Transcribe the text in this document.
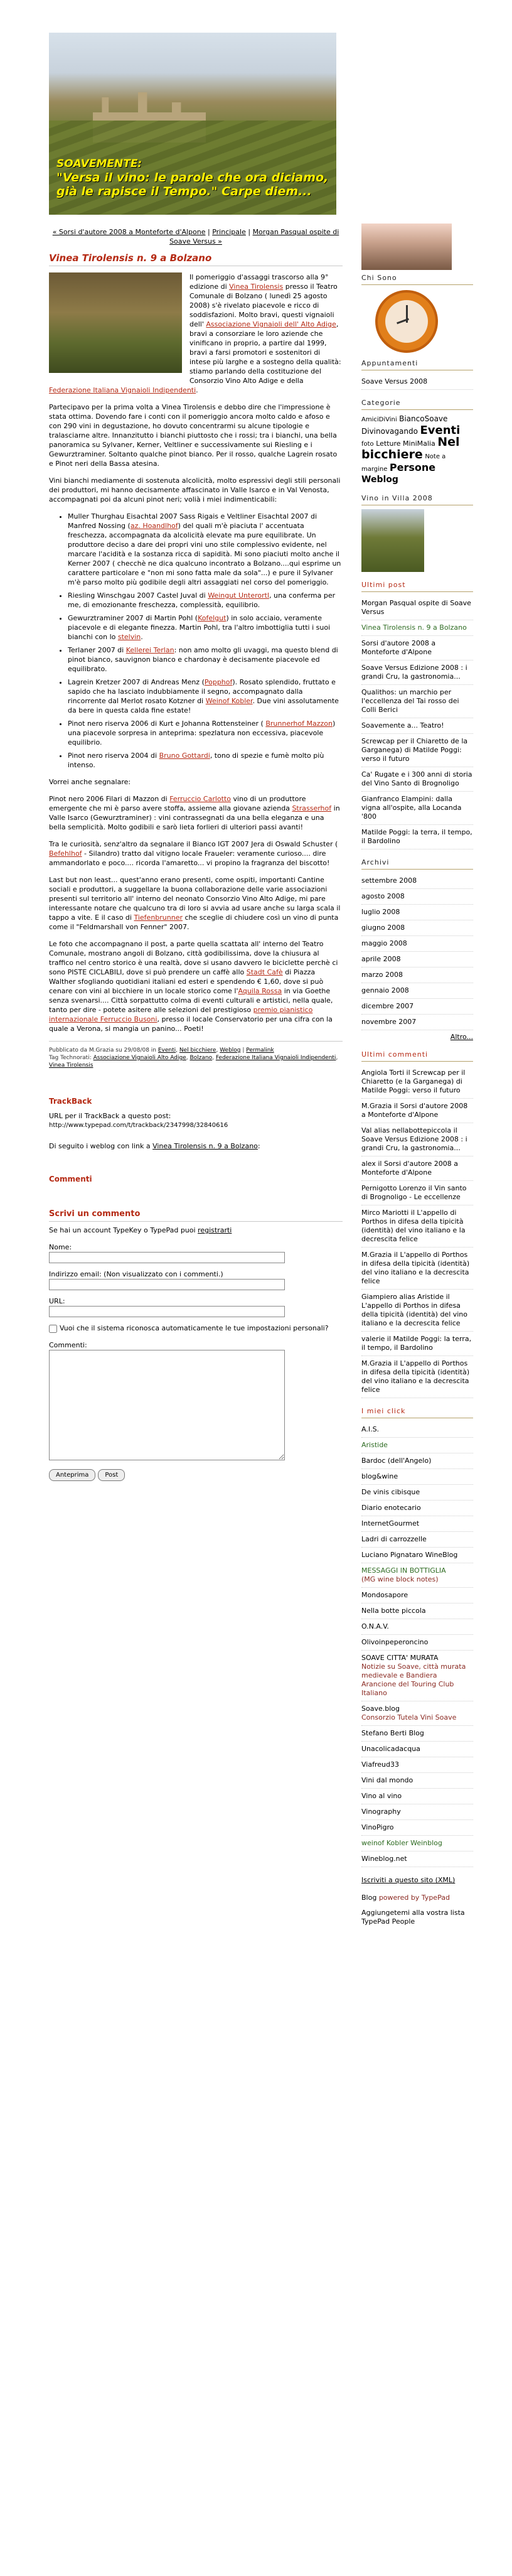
SOAVEMENTE:
"Versa il vino: le parole che ora diciamo,
già le rapisce il Tempo." Carpe diem...
« Sorsi d'autore 2008 a Monteforte d'Alpone | Principale | Morgan Pasqual ospite di Soave Versus »
Vinea Tirolensis n. 9 a Bolzano

Il pomeriggio d'assaggi trascorso alla 9° edizione di Vinea Tirolensis presso il Teatro Comunale di Bolzano ( lunedì 25 agosto 2008) s'è rivelato piacevole e ricco di soddisfazioni. Molto bravi, questi vignaioli dell' Associazione Vignaioli dell' Alto Adige, bravi a consorziare le loro aziende che vinificano in proprio, a partire dal 1999, bravi a farsi promotori e sostenitori di intese più larghe e a sostegno della qualità: stiamo parlando della costituzione del Consorzio Vino Alto Adige e della Federazione Italiana Vignaioli Indipendenti.

Partecipavo per la prima volta a Vinea Tirolensis e debbo dire che l'impressione è stata ottima. Dovendo fare i conti con il pomeriggio ancora molto caldo e afoso e con 290 vini in degustazione, ho dovuto concentrarmi su alcune tipologie e tralasciarne altre. Innanzitutto i bianchi piuttosto che i rossi; tra i bianchi, una bella panoramica su Sylvaner, Kerner, Veltliner e successivamente sui Riesling e i Gewurztraminer. Soltanto qualche pinot bianco. Per il rosso, qualche Lagrein rosato e Pinot neri della Bassa atesina.

Vini bianchi mediamente di sostenuta alcolicità, molto espressivi degli stili personali dei produttori, mi hanno decisamente affascinato in Valle Isarco e in Val Venosta, accompagnati poi da alcuni pinot neri; volià i miei indimenticabili:

• Muller Thurghau Eisachtal 2007 Sass Rigais e Veltliner Eisachtal 2007 di Manfred Nossing (az. Hoandlhof) del quali m'è piaciuta l' accentuata freschezza, accompagnata da alcolicità elevate ma pure equilibrate. Un produttore deciso a dare dei propri vini uno stile complessivo evidente, nel marcare l'acidità e la sostanza ricca di sapidità. Mi sono piaciuti molto anche il Kerner 2007 ( checchè ne dica qualcuno incontrato a Bolzano....qui esprime un carattere particolare e "non mi sono fatta male da sola"...) e pure il Sylvaner m'è parso molto più godibile degli altri assaggiati nel corso del pomeriggio.
• Riesling Winschgau 2007 Castel Juval di Weingut Unterortl, una conferma per me, di emozionante freschezza, complessità, equilibrio.
• Gewurztraminer 2007 di Martin Pohl (Kofelgut) in solo acciaio, veramente piacevole e di elegante finezza. Martin Pohl, tra l'altro imbottiglia tutti i suoi bianchi con lo stelvin.
• Terlaner 2007 di Kellerei Terlan: non amo molto gli uvaggi, ma questo blend di pinot bianco, sauvignon bianco e chardonay è decisamente piacevole ed equilibrato.
• Lagrein Kretzer 2007 di Andreas Menz (Popphof). Rosato splendido, fruttato e sapido che ha lasciato indubbiamente il segno, accompagnato dalla rincorrente dal Merlot rosato Kotzner di Weinof Kobler. Due vini assolutamente da bere in questa calda fine estate!
• Pinot nero riserva 2006 di Kurt e Johanna Rottensteiner ( Brunnerhof Mazzon) una piacevole sorpresa in anteprima: spezlatura non eccessiva, piacevole equilibrio.
• Pinot nero riserva 2004 di Bruno Gottardi, tono di spezie e fumè molto più intenso.

Vorrei anche segnalare:

Pinot nero 2006 Filari di Mazzon di Ferruccio Carlotto vino di un produttore emergente che mi è parso avere stoffa, assieme alla giovane azienda Strasserhof in Valle Isarco (Gewurztraminer) : vini contrassegnati da una bella eleganza e una bella semplicità. Molto godibili e sarò lieta forlieri di ulteriori passi avanti!

Tra le curiosità, senz'altro da segnalare il Bianco IGT 2007 Jera di Oswald Schuster ( Befehlhof - Silandro) tratto dal vitigno locale Fraueler: veramente curioso.... dire ammandorlato e poco.... ricorda l'amaretto... vi propino la fragranza del biscotto!

Last but non least... quest'anno erano presenti, come ospiti, importanti Cantine sociali e produttori, a suggellare la buona collaborazione delle varie associazioni presenti sul territorio all' interno del neonato Consorzio Vino Alto Adige, mi pare interessante notare che qualcuno tra di loro si avvia ad usare anche su larga scala il tappo a vite. E il caso di Tiefenbrunner che sceglie di chiudere così un vino di punta come il "Feldmarshall von Fenner" 2007.

Le foto che accompagnano il post, a parte quella scattata all' interno del Teatro Comunale, mostrano angoli di Bolzano, città godibilissima, dove la chiusura al traffico nel centro storico è una realtà, dove si usano davvero le biciclette perchè ci sono PISTE CICLABILI, dove si può prendere un caffè allo Stadt Cafè di Piazza Walther sfogliando quotidiani italiani ed esteri e spendendo € 1,60, dove si può cenare con vini al bicchiere in un locale storico come l'Aquila Rossa in via Goethe senza svenarsi.... Città sorpattutto colma di eventi culturali e artistici, nella quale, tanto per dire - potete asitere alle selezioni del prestigioso premio pianistico internazionale Ferruccio Busoni, presso il locale Conservatorio per una cifra con la quale a Verona, si mangia un panino... Poeti!

Pubblicato da M.Grazia su 29/08/08 in Eventi, Nel bicchiere, Weblog | Permalink
Tag Technorati: Associazione Vignaioli Alto Adige, Bolzano, Federazione Italiana Vignaioli Indipendenti, Vinea Tirolensis
TrackBack
URL per il TrackBack a questo post:
http://www.typepad.com/t/trackback/2347998/32840616
Di seguito i weblog con link a Vinea Tirolensis n. 9 a Bolzano:
Commenti
Scrivi un commento
Se hai un account TypeKey o TypePad puoi registrarti
Nome:
Indirizzo email: (Non visualizzato con i commenti.)
URL:
Vuoi che il sistema riconosca automaticamente le tue impostazioni personali?
Commenti:
Anteprima	Post
Chi Sono
Appuntamenti
Soave Versus 2008
Categorie
AmiciDiVini BiancoSoave Divinovagando Eventi foto Letture MiniMalia Nel bicchiere Note a margine Persone Weblog
Vino in Villa 2008
Ultimi post
Morgan Pasqual ospite di Soave Versus
Vinea Tirolensis n. 9 a Bolzano
Sorsi d'autore 2008 a Monteforte d'Alpone
Soave Versus Edizione 2008 : i grandi Cru, la gastronomia...
Qualithos: un marchio per l'eccellenza del Tai rosso dei Colli Berici
Soavemente a... Teatro!
Screwcap per il Chiaretto de la Garganega) di Matilde Poggi: verso il futuro
Ca' Rugate e i 300 anni di storia del Vino Santo di Brognoligo
Gianfranco Elampini: dalla vigna all'ospite, alla Locanda '800
Matilde Poggi: la terra, il tempo, il Bardolino
Archivi
settembre 2008
agosto 2008
luglio 2008
giugno 2008
maggio 2008
aprile 2008
marzo 2008
gennaio 2008
dicembre 2007
novembre 2007
Altro...
Ultimi commenti
Angiola Torti il Screwcap per il Chiaretto (e la Garganega) di Matilde Poggi: verso il futuro
M.Grazia il Sorsi d'autore 2008 a Monteforte d'Alpone
Val alias nellabottepiccola il Soave Versus Edizione 2008 : i grandi Cru, la gastronomia...
alex il Sorsi d'autore 2008 a Monteforte d'Alpone
Pernigotto Lorenzo il Vin santo di Brognoligo - Le eccellenze
Mirco Mariotti il L'appello di Porthos in difesa della tipicità (identità) del vino italiano e la decrescita felice
M.Grazia il L'appello di Porthos in difesa della tipicità (identità) del vino italiano e la decrescita felice
Giampiero alias Aristide il L'appello di Porthos in difesa della tipicità (identità) del vino italiano e la decrescita felice
valerie il Matilde Poggi: la terra, il tempo, il Bardolino
M.Grazia il L'appello di Porthos in difesa della tipicità (identità) del vino italiano e la decrescita felice
I miei click
A.I.S.
Aristide
Bardoc (dell'Angelo)
blog&wine
De vinis cibisque
Diario enotecario
InternetGourmet
Ladri di carrozzelle
Luciano Pignataro WineBlog
MESSAGGI IN BOTTIGLIA
(MG wine block notes)
Mondosapore
Nella botte piccola
O.N.A.V.
Olivoinpeperoncino
SOAVE CITTA' MURATA
Notizie su Soave, città murata medievale e Bandiera Arancione del Touring Club Italiano
Soave.blog
Consorzio Tutela Vini Soave
Stefano Berti Blog
Unacolicadacqua
Viafreud33
Vini dal mondo
Vino al vino
Vinography
VinoPigro
weinof Kobler Weinblog
Wineblog.net
Iscriviti a questo sito (XML)
Blog powered by TypePad
Aggiungetemi alla vostra lista TypePad People
